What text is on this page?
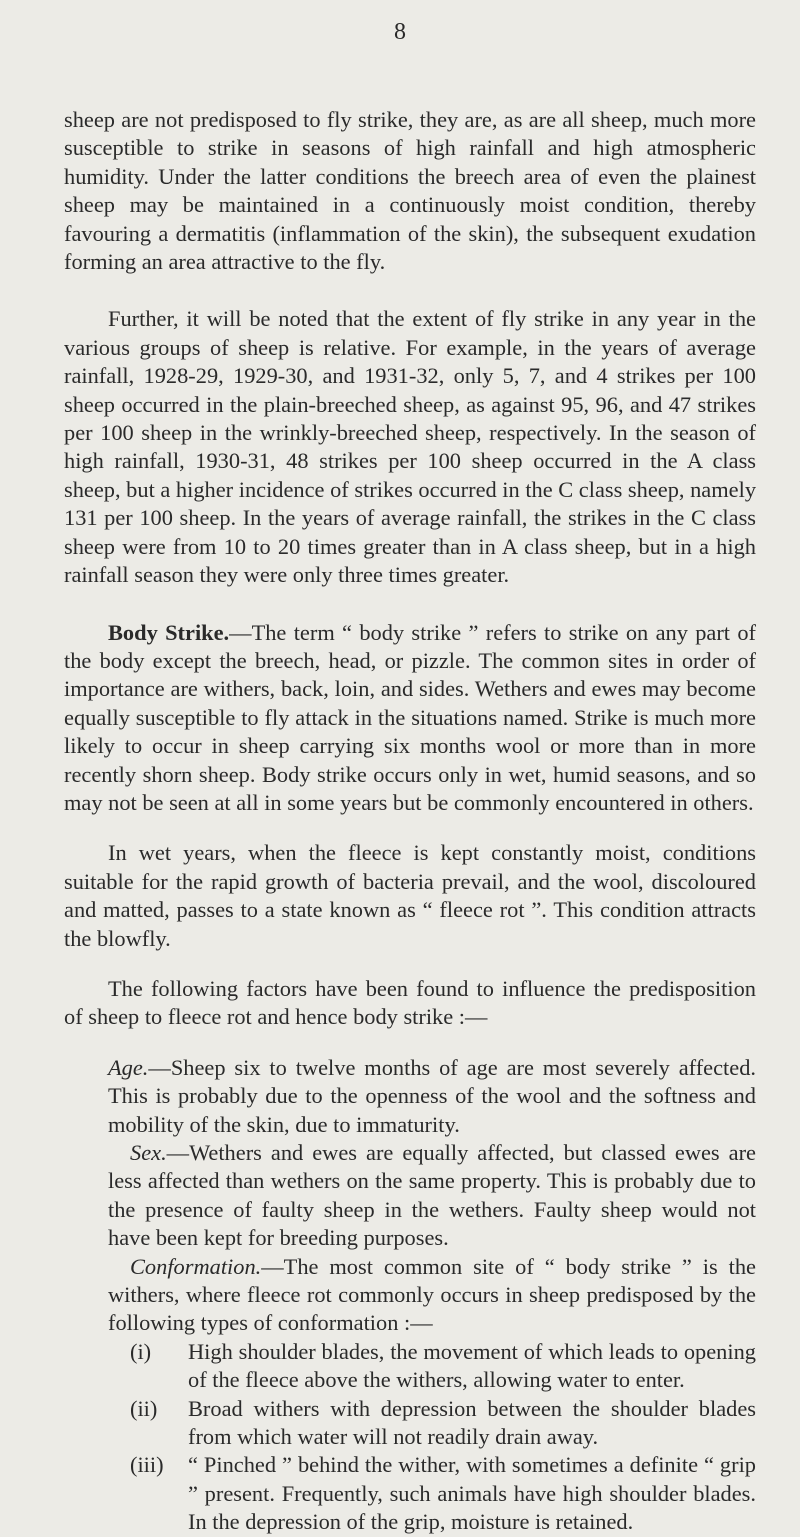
8

sheep are not predisposed to fly strike, they are, as are all sheep, much more susceptible to strike in seasons of high rainfall and high atmospheric humidity. Under the latter conditions the breech area of even the plainest sheep may be maintained in a continuously moist condition, thereby favouring a dermatitis (inflammation of the skin), the subsequent exudation forming an area attractive to the fly.

Further, it will be noted that the extent of fly strike in any year in the various groups of sheep is relative. For example, in the years of average rainfall, 1928-29, 1929-30, and 1931-32, only 5, 7, and 4 strikes per 100 sheep occurred in the plain-breeched sheep, as against 95, 96, and 47 strikes per 100 sheep in the wrinkly-breeched sheep, respectively. In the season of high rainfall, 1930-31, 48 strikes per 100 sheep occurred in the A class sheep, but a higher incidence of strikes occurred in the C class sheep, namely 131 per 100 sheep. In the years of average rainfall, the strikes in the C class sheep were from 10 to 20 times greater than in A class sheep, but in a high rainfall season they were only three times greater.

Body Strike.—The term “ body strike ” refers to strike on any part of the body except the breech, head, or pizzle. The common sites in order of importance are withers, back, loin, and sides. Wethers and ewes may become equally susceptible to fly attack in the situations named. Strike is much more likely to occur in sheep carrying six months wool or more than in more recently shorn sheep. Body strike occurs only in wet, humid seasons, and so may not be seen at all in some years but be commonly encountered in others.

In wet years, when the fleece is kept constantly moist, conditions suitable for the rapid growth of bacteria prevail, and the wool, discoloured and matted, passes to a state known as “ fleece rot ”. This condition attracts the blowfly.

The following factors have been found to influence the predisposition of sheep to fleece rot and hence body strike :—

Age.—Sheep six to twelve months of age are most severely affected. This is probably due to the openness of the wool and the softness and mobility of the skin, due to immaturity.

Sex.—Wethers and ewes are equally affected, but classed ewes are less affected than wethers on the same property. This is probably due to the presence of faulty sheep in the wethers. Faulty sheep would not have been kept for breeding purposes.

Conformation.—The most common site of “ body strike ” is the withers, where fleece rot commonly occurs in sheep predisposed by the following types of conformation :—

(i) High shoulder blades, the movement of which leads to opening of the fleece above the withers, allowing water to enter.
(ii) Broad withers with depression between the shoulder blades from which water will not readily drain away.
(iii) “ Pinched ” behind the wither, with sometimes a definite “ grip ” present. Frequently, such animals have high shoulder blades. In the depression of the grip, moisture is retained.
